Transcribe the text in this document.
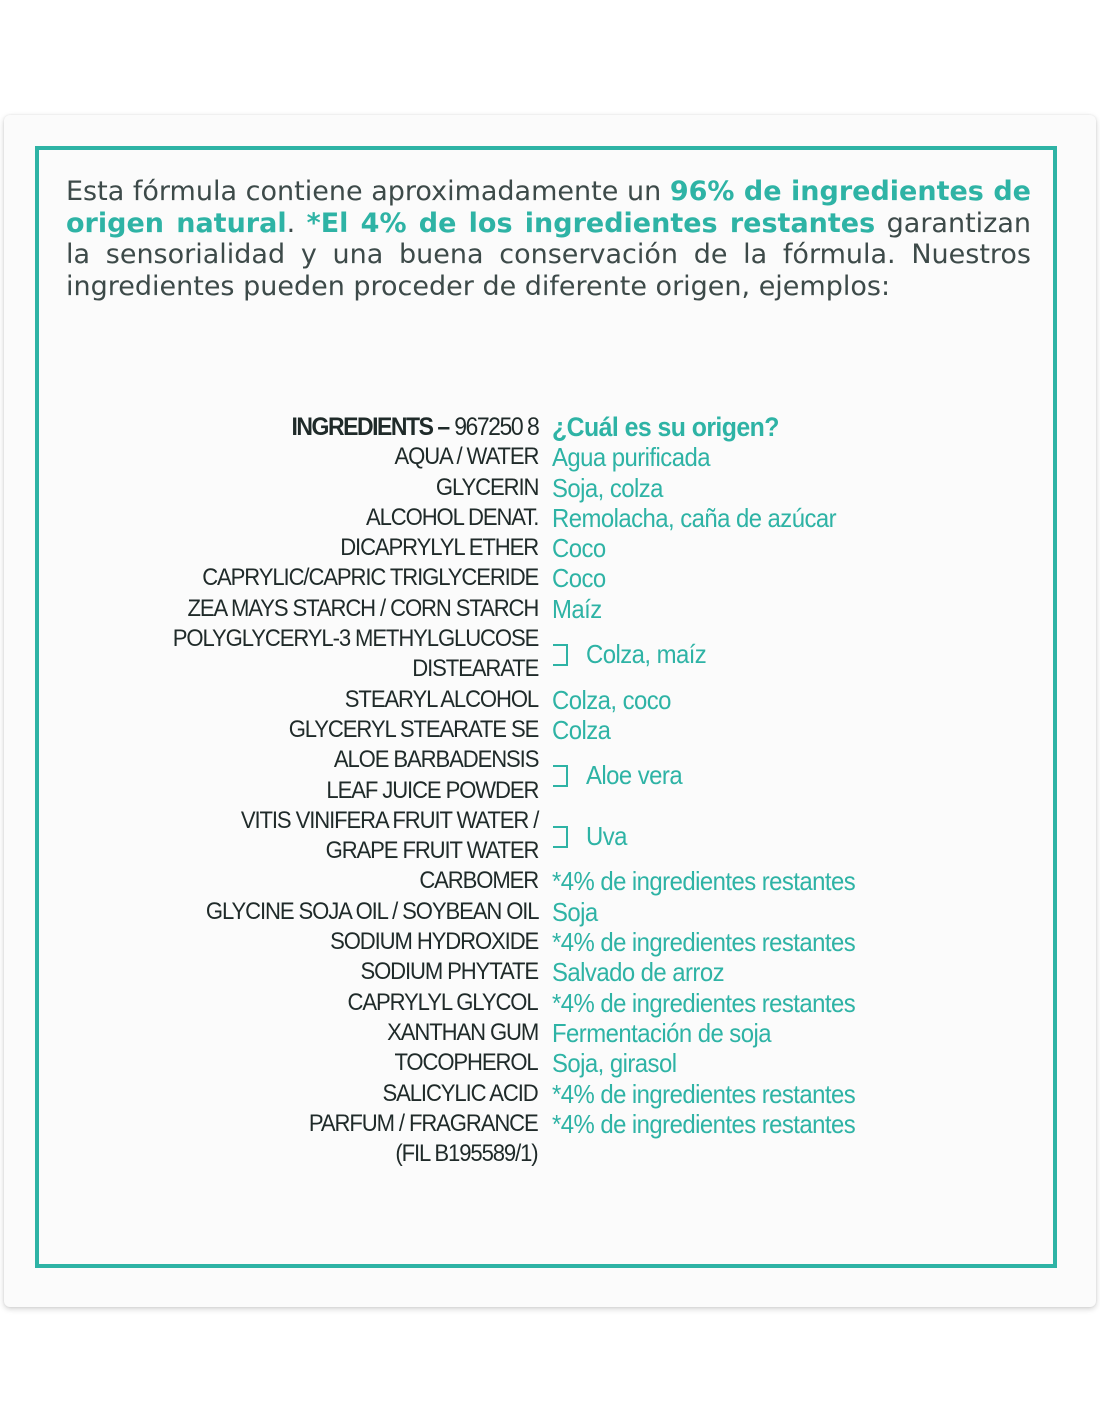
Esta fórmula contiene aproximadamente un 96% de ingredientes de origen natural. *El 4% de los ingredientes restantes garantizan la sensorialidad y una buena conservación de la fórmula. Nuestros ingredientes pueden proceder de diferente origen, ejemplos:
INGREDIENTS – 967250 8 ¿Cuál es su origen?
AQUA / WATER Agua purificada
GLYCERIN Soja, colza
ALCOHOL DENAT. Remolacha, caña de azúcar
DICAPRYLYL ETHER Coco
CAPRYLIC/CAPRIC TRIGLYCERIDE Coco
ZEA MAYS STARCH / CORN STARCH Maíz
POLYGLYCERYL-3 METHYLGLUCOSE
DISTEARATE Colza, maíz
STEARYL ALCOHOL Colza, coco
GLYCERYL STEARATE SE Colza
ALOE BARBADENSIS
LEAF JUICE POWDER Aloe vera
VITIS VINIFERA FRUIT WATER /
GRAPE FRUIT WATER Uva
CARBOMER *4% de ingredientes restantes
GLYCINE SOJA OIL / SOYBEAN OIL Soja
SODIUM HYDROXIDE *4% de ingredientes restantes
SODIUM PHYTATE Salvado de arroz
CAPRYLYL GLYCOL *4% de ingredientes restantes
XANTHAN GUM Fermentación de soja
TOCOPHEROL Soja, girasol
SALICYLIC ACID *4% de ingredientes restantes
PARFUM / FRAGRANCE *4% de ingredientes restantes
(FIL B195589/1)
